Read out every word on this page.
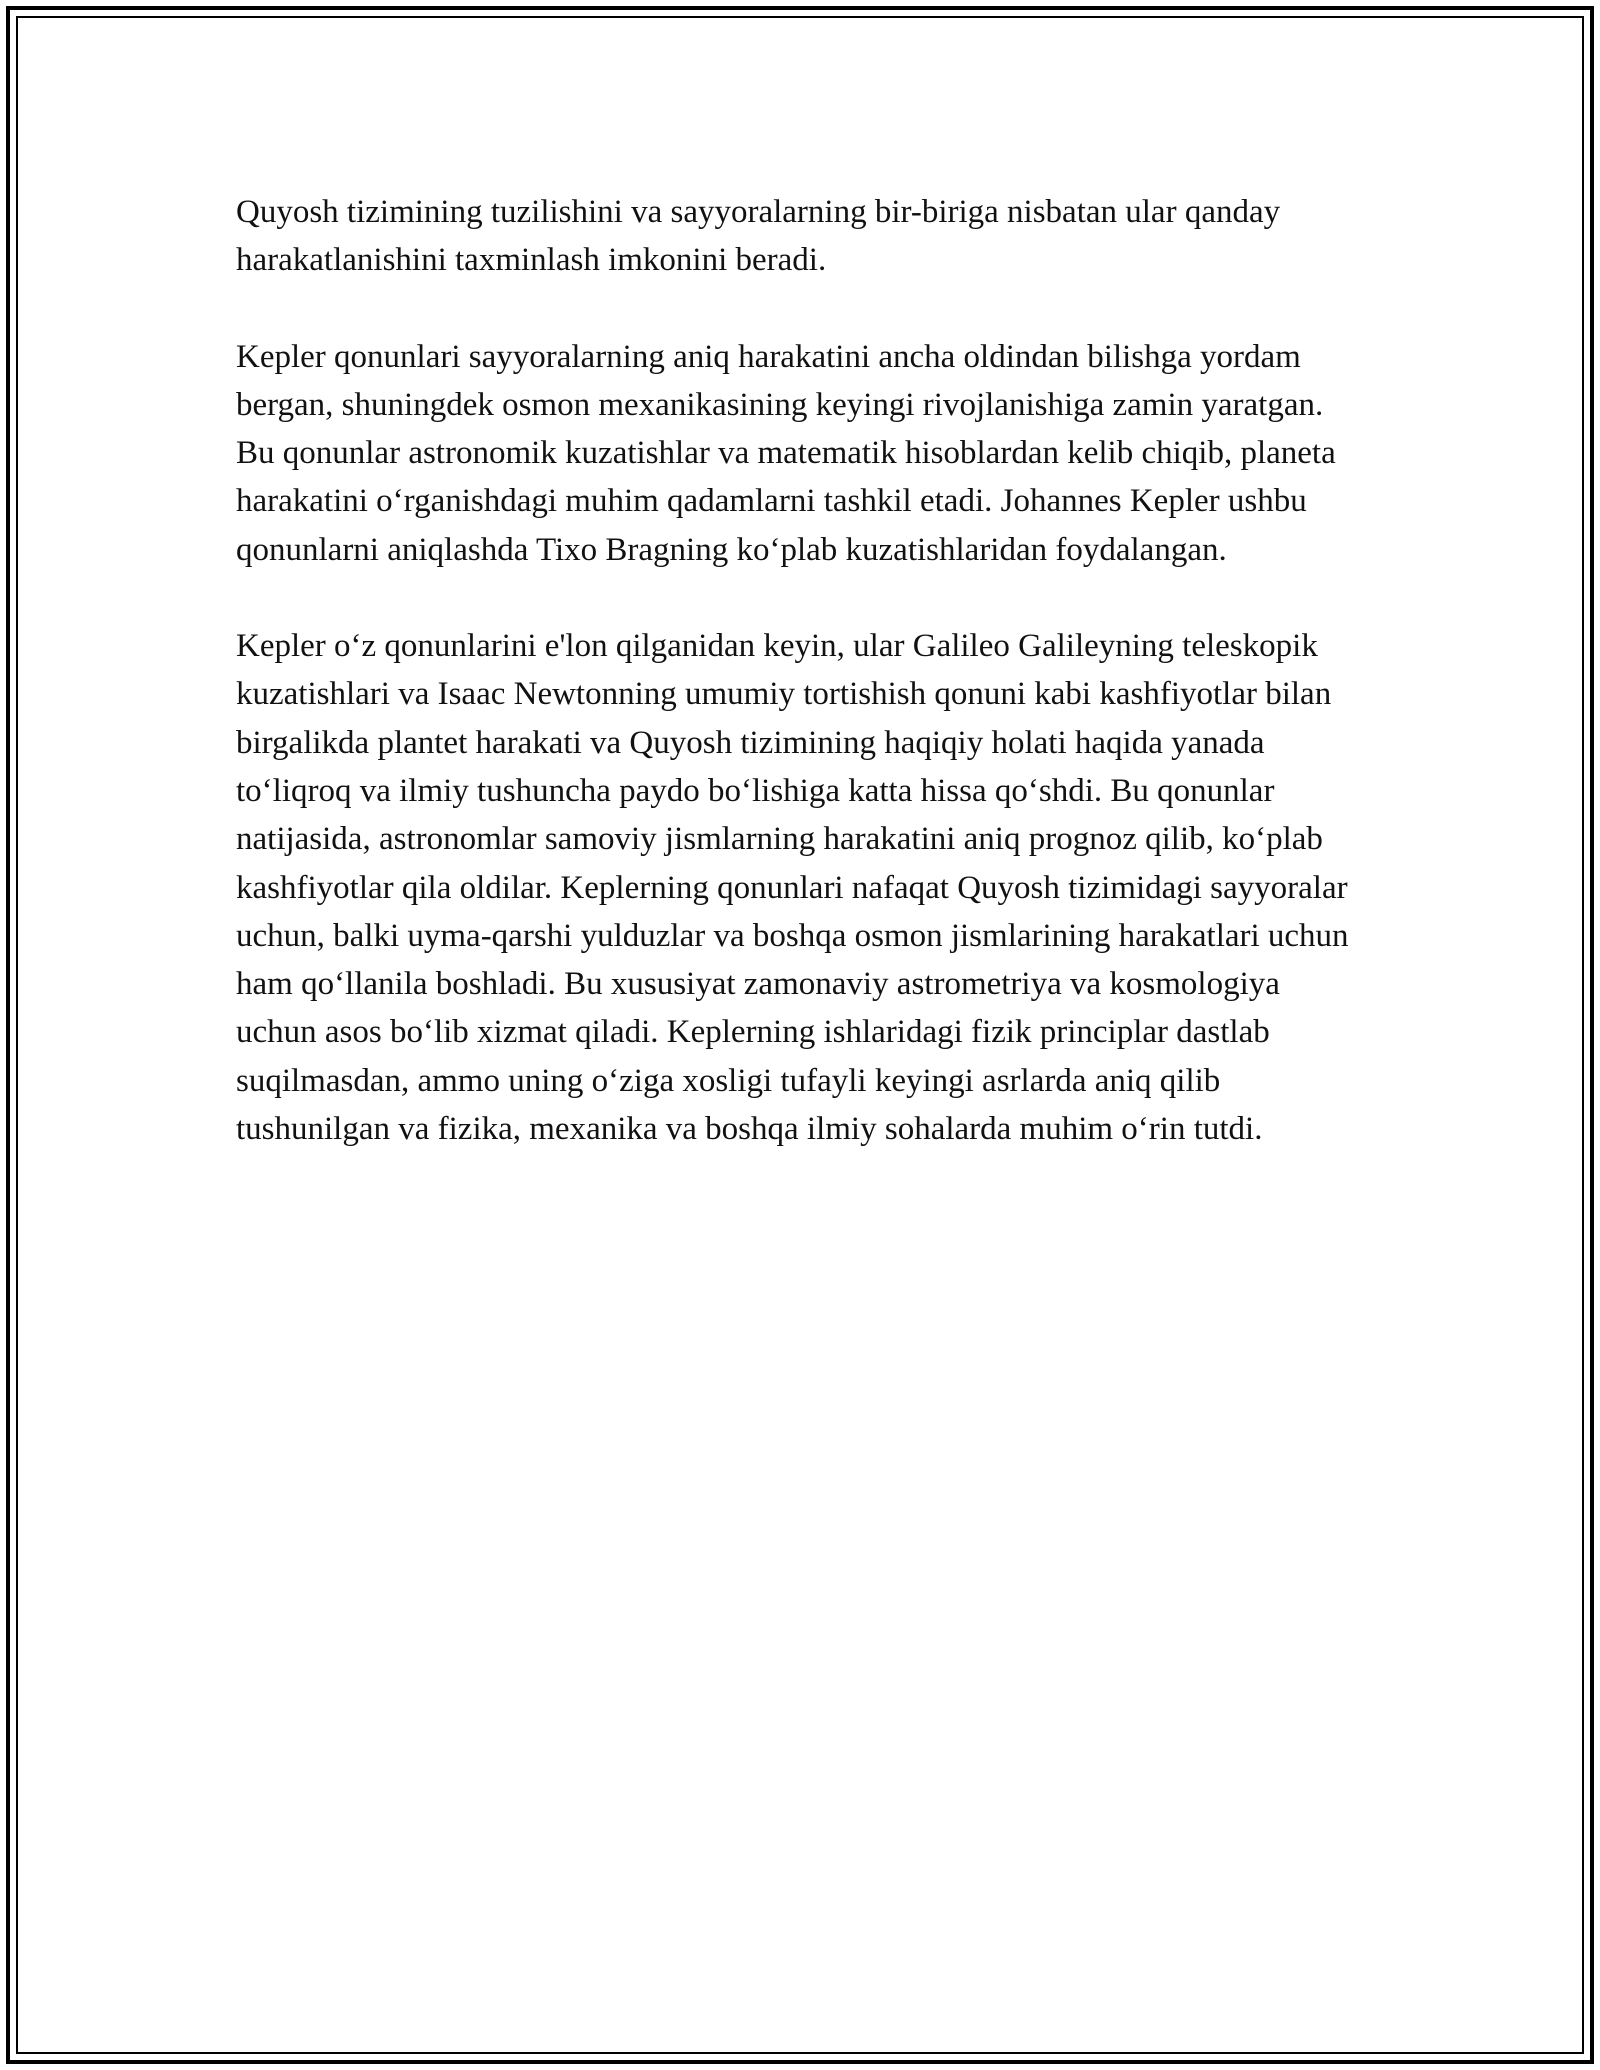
Quyosh tizimining tuzilishini va sayyoralarning bir-biriga nisbatan ular qanday harakatlanishini taxminlash imkonini beradi.

Kepler qonunlari sayyoralarning aniq harakatini ancha oldindan bilishga yordam bergan, shuningdek osmon mexanikasining keyingi rivojlanishiga zamin yaratgan. Bu qonunlar astronomik kuzatishlar va matematik hisoblardan kelib chiqib, planeta harakatini oʻrganishdagi muhim qadamlarni tashkil etadi. Johannes Kepler ushbu qonunlarni aniqlashda Tixo Bragning koʻplab kuzatishlaridan foydalangan.

Kepler oʻz qonunlarini e'lon qilganidan keyin, ular Galileo Galileyning teleskopik kuzatishlari va Isaac Newtonning umumiy tortishish qonuni kabi kashfiyotlar bilan birgalikda plantet harakati va Quyosh tizimining haqiqiy holati haqida yanada toʻliqroq va ilmiy tushuncha paydo boʻlishiga katta hissa qoʻshdi. Bu qonunlar natijasida, astronomlar samoviy jismlarning harakatini aniq prognoz qilib, koʻplab kashfiyotlar qila oldilar. Keplerning qonunlari nafaqat Quyosh tizimidagi sayyoralar uchun, balki uyma-qarshi yulduzlar va boshqa osmon jismlarining harakatlari uchun ham qoʻllanila boshladi. Bu xususiyat zamonaviy astrometriya va kosmologiya uchun asos boʻlib xizmat qiladi. Keplerning ishlaridagi fizik principlar dastlab suqilmasdan, ammo uning oʻziga xosligi tufayli keyingi asrlarda aniq qilib tushunilgan va fizika, mexanika va boshqa ilmiy sohalarda muhim oʻrin tutdi.
